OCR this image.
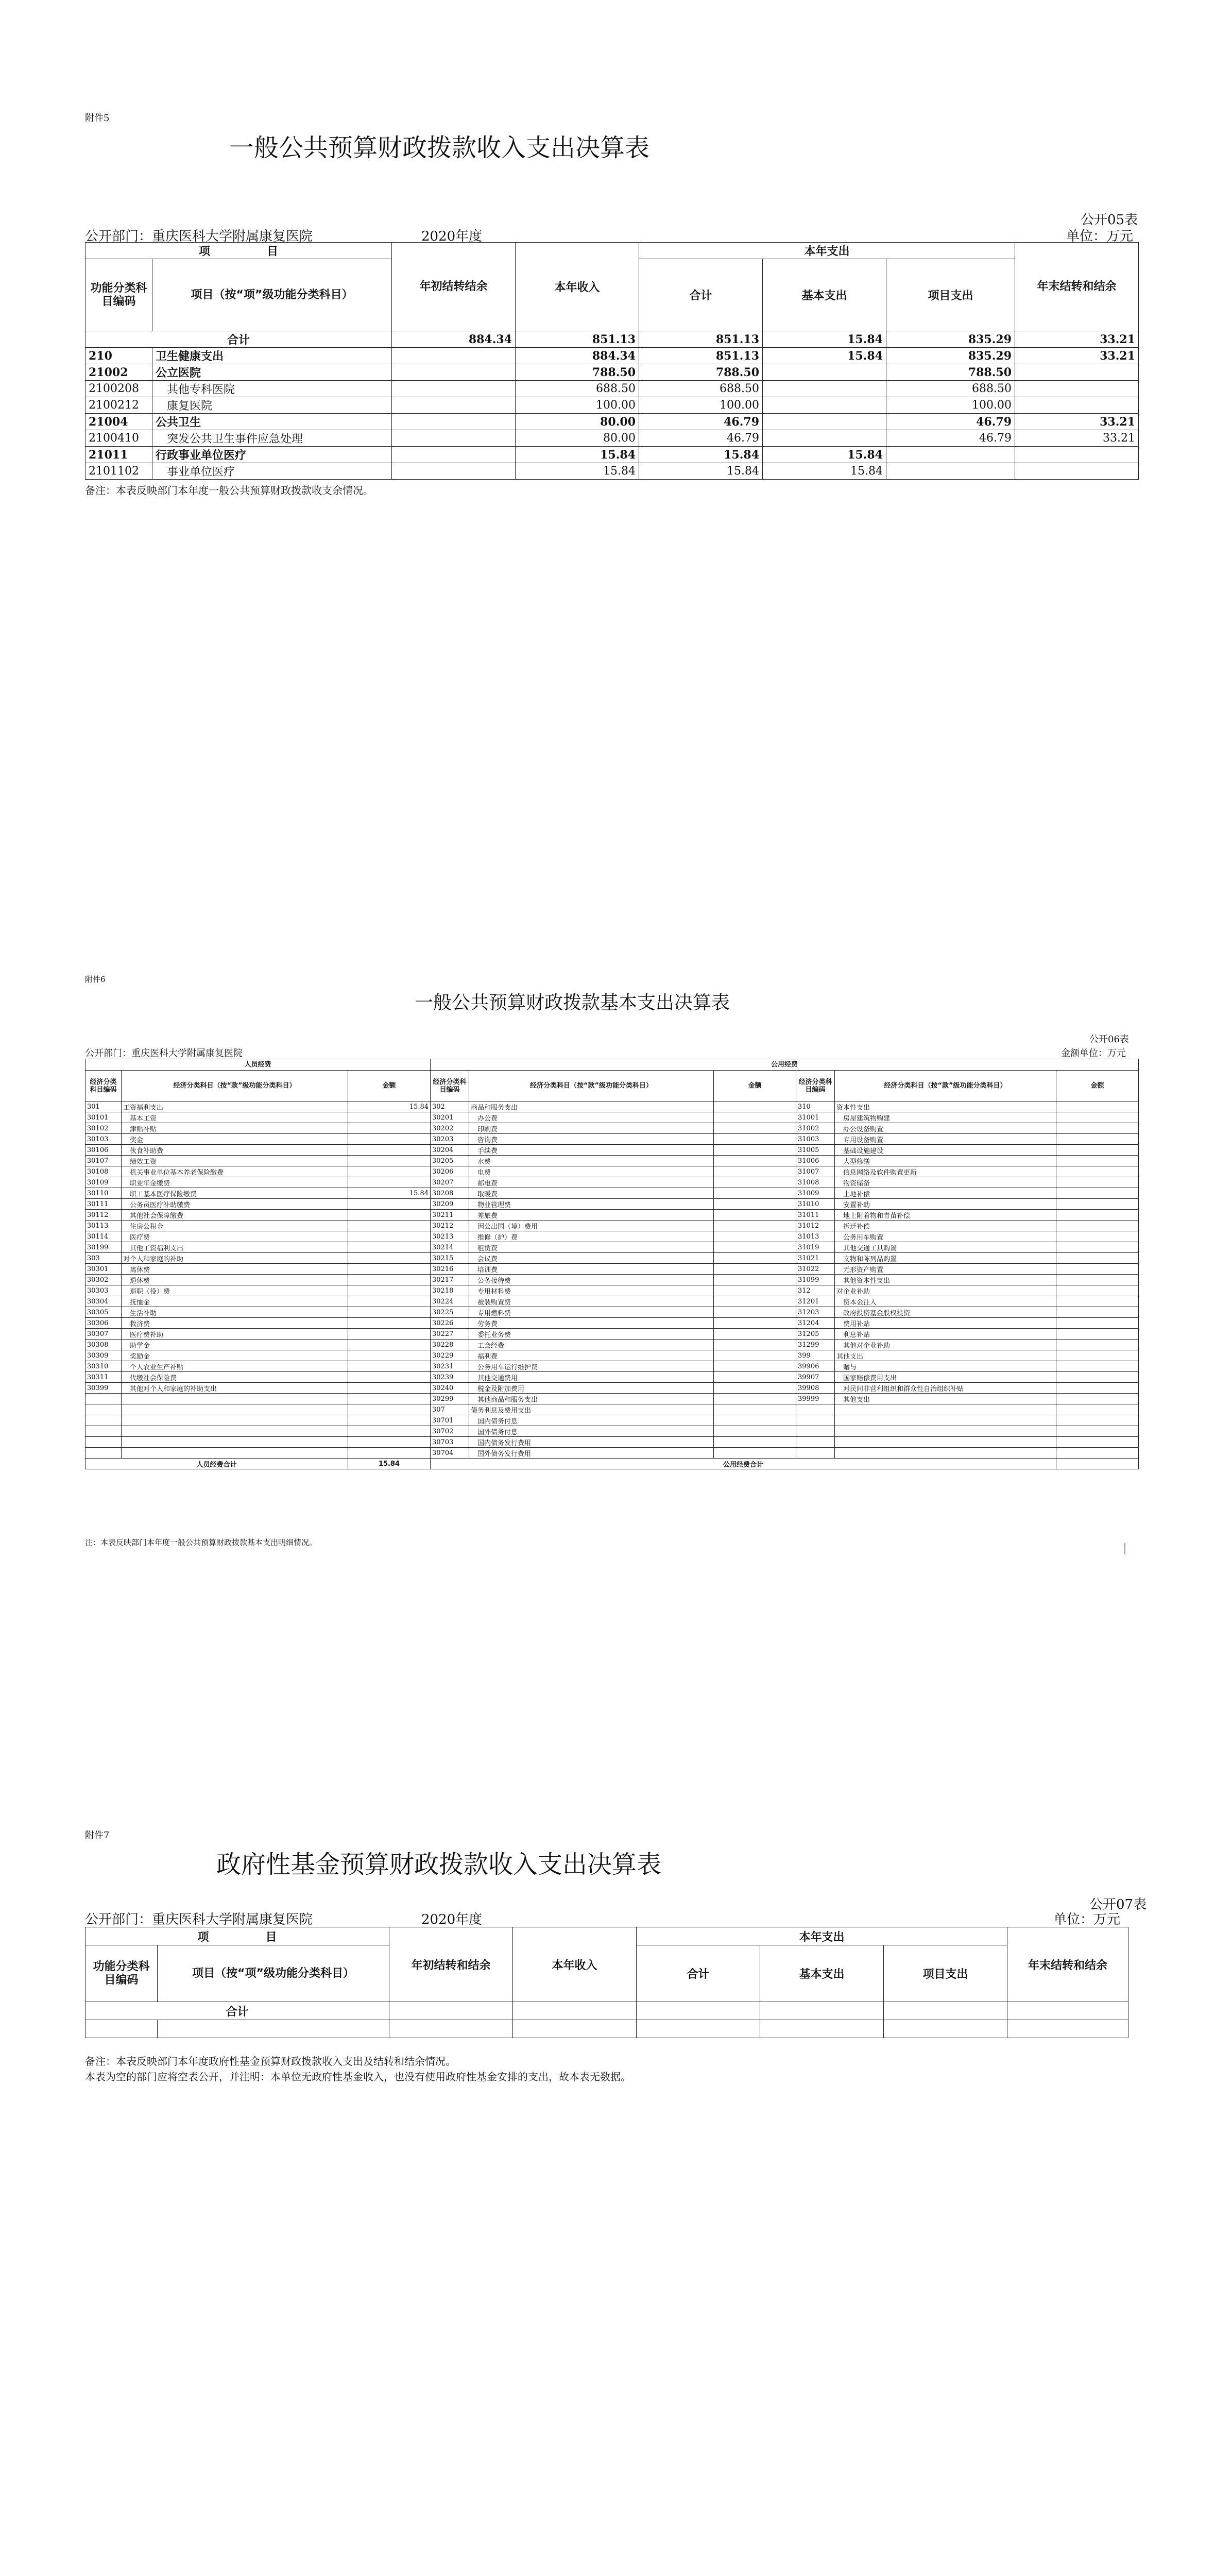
附件5
一般公共预算财政拨款收入支出决算表
公开05表
公开部门：重庆医科大学附属康复医院	2020年度	单位：万元
项　　　　　目		年初结转结余	本年收入	本年支出			年末结转和结余
功能分类科目编码	项目（按“项”级功能分类科目）			合计	基本支出	项目支出	
合计		884.34	851.13	851.13	15.84	835.29	33.21
210	卫生健康支出		884.34	851.13	15.84	835.29	33.21
21002	公立医院		788.50	788.50		788.50	
2100208	　其他专科医院		688.50	688.50		688.50	
2100212	　康复医院		100.00	100.00		100.00	
21004	公共卫生		80.00	46.79		46.79	33.21
2100410	　突发公共卫生事件应急处理		80.00	46.79		46.79	33.21
21011	行政事业单位医疗		15.84	15.84	15.84		
2101102	　事业单位医疗		15.84	15.84	15.84		
备注：本表反映部门本年度一般公共预算财政拨款收支余情况。
附件6
一般公共预算财政拨款基本支出决算表
公开06表
公开部门：重庆医科大学附属康复医院	金额单位：万元
人员经费			公用经费					
经济分类科目编码	经济分类科目（按“款”级功能分类科目）	金额	经济分类科目编码	经济分类科目（按“款”级功能分类科目）	金额	经济分类科目编码	经济分类科目（按“款”级功能分类科目）	金额
301	工资福利支出	15.84	302	商品和服务支出		310	资本性支出	
30101	　基本工资		30201	　办公费		31001	　房屋建筑物购建	
30102	　津贴补贴		30202	　印刷费		31002	　办公设备购置	
30103	　奖金		30203	　咨询费		31003	　专用设备购置	
30106	　伙食补助费		30204	　手续费		31005	　基础设施建设	
30107	　绩效工资		30205	　水费		31006	　大型修缮	
30108	　机关事业单位基本养老保险缴费		30206	　电费		31007	　信息网络及软件购置更新	
30109	　职业年金缴费		30207	　邮电费		31008	　物资储备	
30110	　职工基本医疗保险缴费	15.84	30208	　取暖费		31009	　土地补偿	
30111	　公务员医疗补助缴费		30209	　物业管理费		31010	　安置补助	
30112	　其他社会保障缴费		30211	　差旅费		31011	　地上附着物和青苗补偿	
30113	　住房公积金		30212	　因公出国（境）费用		31012	　拆迁补偿	
30114	　医疗费		30213	　维修（护）费		31013	　公务用车购置	
30199	　其他工资福利支出		30214	　租赁费		31019	　其他交通工具购置	
303	对个人和家庭的补助		30215	　会议费		31021	　文物和陈列品购置	
30301	　离休费		30216	　培训费		31022	　无形资产购置	
30302	　退休费		30217	　公务接待费		31099	　其他资本性支出	
30303	　退职（役）费		30218	　专用材料费		312	对企业补助	
30304	　抚恤金		30224	　被装购置费		31201	　资本金注入	
30305	　生活补助		30225	　专用燃料费		31203	　政府投资基金股权投资	
30306	　救济费		30226	　劳务费		31204	　费用补贴	
30307	　医疗费补助		30227	　委托业务费		31205	　利息补贴	
30308	　助学金		30228	　工会经费		31299	　其他对企业补助	
30309	　奖励金		30229	　福利费		399	其他支出	
30310	　个人农业生产补贴		30231	　公务用车运行维护费		39906	　赠与	
30311	　代缴社会保险费		30239	　其他交通费用		39907	　国家赔偿费用支出	
30399	　其他对个人和家庭的补助支出		30240	　税金及附加费用		39908	　对民间非营利组织和群众性自治组织补贴	
			30299	　其他商品和服务支出		39999	　其他支出	
			307	债务利息及费用支出				
			30701	　国内债务付息				
			30702	　国外债务付息				
			30703	　国内债务发行费用				
			30704	　国外债务发行费用				
人员经费合计		15.84	公用经费合计					
注：本表反映部门本年度一般公共预算财政拨款基本支出明细情况。
附件7
政府性基金预算财政拨款收入支出决算表
公开07表
公开部门：重庆医科大学附属康复医院	2020年度	单位：万元
项　　　　　目		年初结转和结余	本年收入	本年支出			年末结转和结余
功能分类科目编码	项目（按“项”级功能分类科目）			合计	基本支出	项目支出	
合计							

备注：本表反映部门本年度政府性基金预算财政拨款收入支出及结转和结余情况。
本表为空的部门应将空表公开，并注明：本单位无政府性基金收入，也没有使用政府性基金安排的支出，故本表无数据。
